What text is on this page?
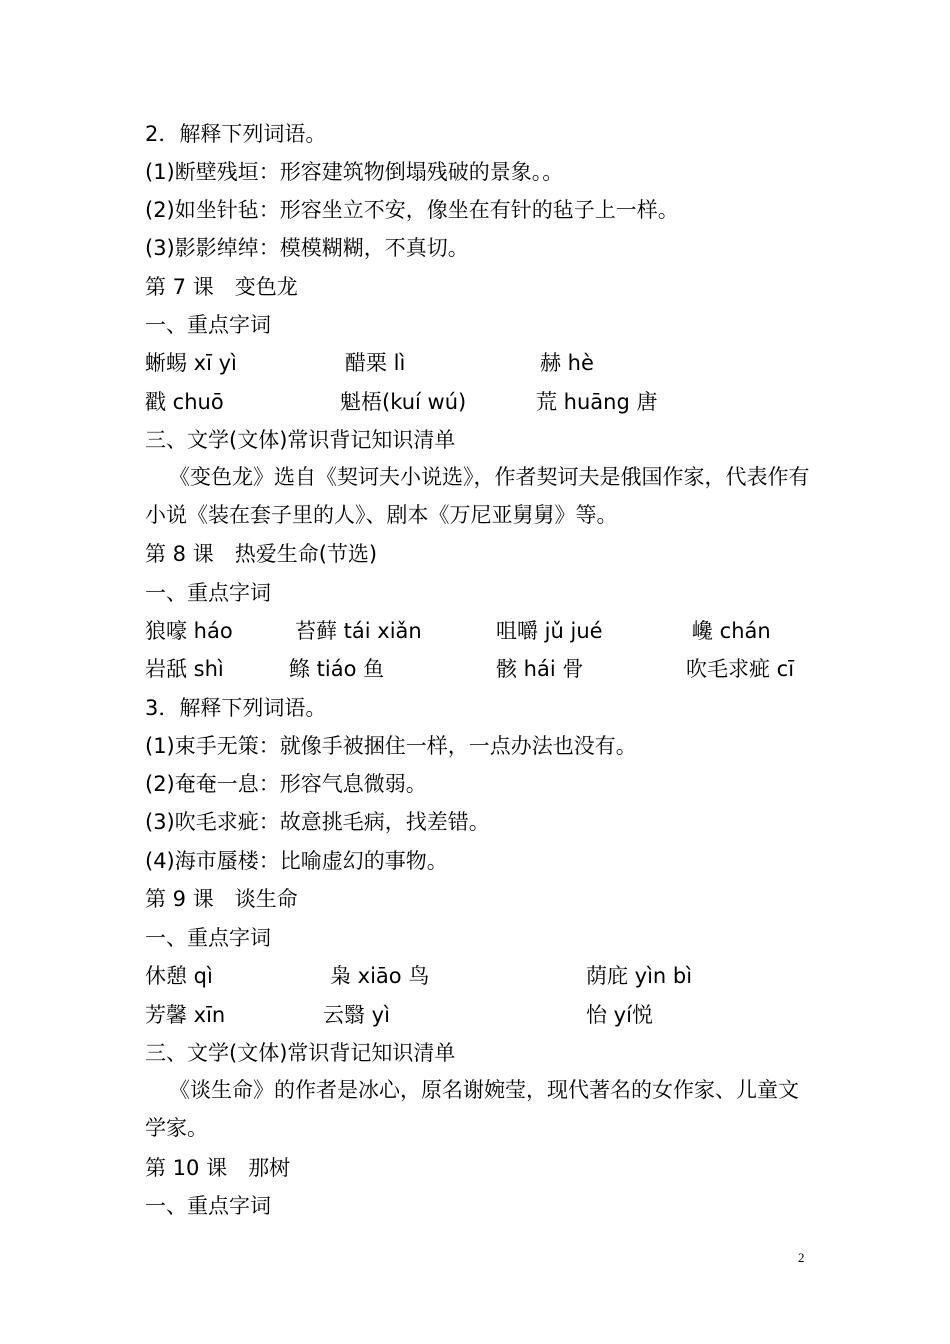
2．解释下列词语。
(1)断壁残垣：形容建筑物倒塌残破的景象。。
(2)如坐针毡：形容坐立不安，像坐在有针的毡子上一样。
(3)影影绰绰：模模糊糊，不真切。
第 7 课　变色龙
一、重点字词
蜥蜴 xī yì	醋栗 lì	赫 hè
戳 chuō	魁梧(kuí wú)	荒 huāng 唐
三、文学(文体)常识背记知识清单
《变色龙》选自《契诃夫小说选》，作者契诃夫是俄国作家，代表作有小说《装在套子里的人》、剧本《万尼亚舅舅》等。
第 8 课　热爱生命(节选)
一、重点字词
狼嚎 háo	苔藓 tái xiǎn	咀嚼 jǔ jué	巉 chán
岩舐 shì	鲦 tiáo 鱼	骸 hái 骨	吹毛求疵 cī
3．解释下列词语。
(1)束手无策：就像手被捆住一样，一点办法也没有。
(2)奄奄一息：形容气息微弱。
(3)吹毛求疵：故意挑毛病，找差错。
(4)海市蜃楼：比喻虚幻的事物。
第 9 课　谈生命
一、重点字词
休憩 qì	枭 xiāo 鸟	荫庇 yìn bì
芳馨 xīn	云翳 yì	怡 yí悦
三、文学(文体)常识背记知识清单
《谈生命》的作者是冰心，原名谢婉莹，现代著名的女作家、儿童文学家。
第 10 课　那树
一、重点字词
2
